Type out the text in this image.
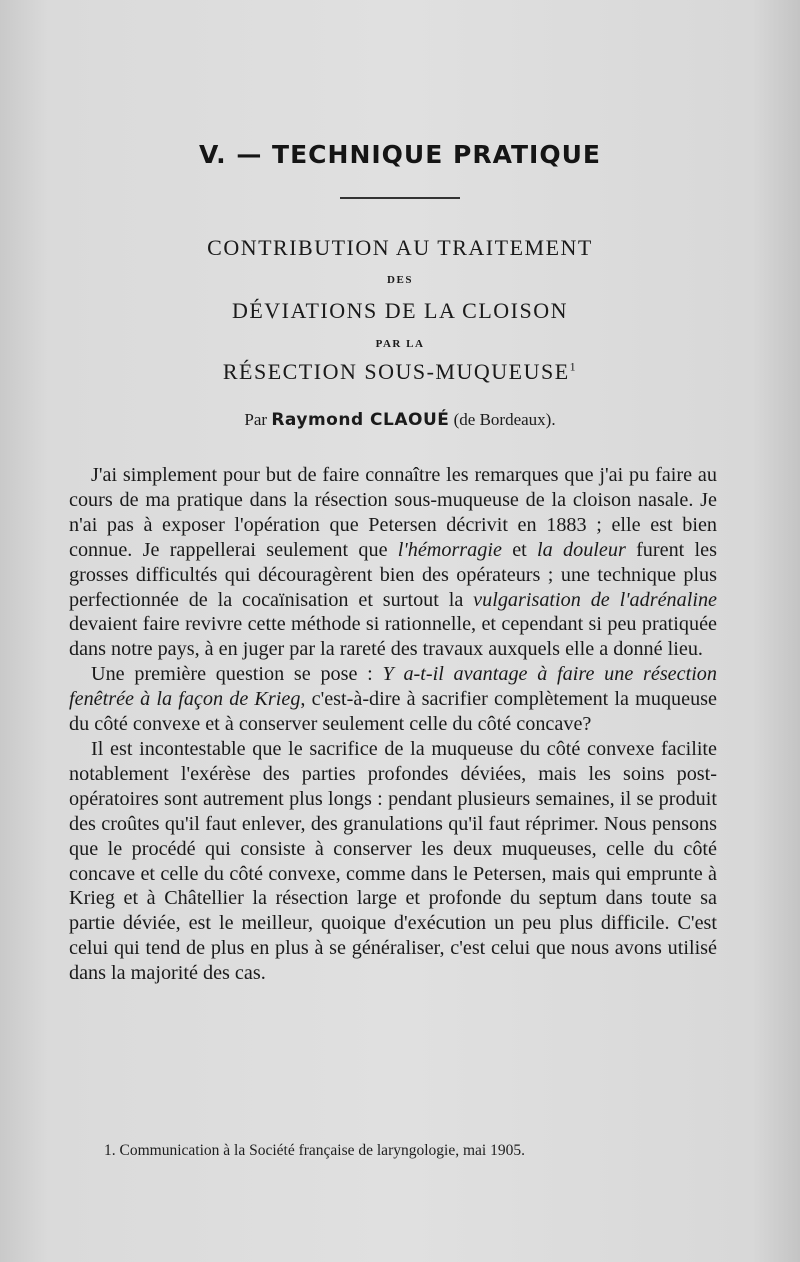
V. — TECHNIQUE PRATIQUE
CONTRIBUTION AU TRAITEMENT
DES
DÉVIATIONS DE LA CLOISON
PAR LA
RÉSECTION SOUS-MUQUEUSE$^1$
Par Raymond CLAOUÉ (de Bordeaux).

J'ai simplement pour but de faire connaître les remarques que j'ai pu faire au cours de ma pratique dans la résection sous-muqueuse de la cloison nasale. Je n'ai pas à exposer l'opération que Petersen décrivit en 1883 ; elle est bien connue. Je rappellerai seulement que l'hémorragie et la douleur furent les grosses difficultés qui découragèrent bien des opérateurs ; une technique plus perfectionnée de la cocaïnisation et surtout la vulgarisation de l'adrénaline devaient faire revivre cette méthode si rationnelle, et cependant si peu pratiquée dans notre pays, à en juger par la rareté des travaux auxquels elle a donné lieu.

Une première question se pose : Y a-t-il avantage à faire une résection fenêtrée à la façon de Krieg, c'est-à-dire à sacrifier complètement la muqueuse du côté convexe et à conserver seulement celle du côté concave?

Il est incontestable que le sacrifice de la muqueuse du côté convexe facilite notablement l'exérèse des parties profondes déviées, mais les soins post-opératoires sont autrement plus longs : pendant plusieurs semaines, il se produit des croûtes qu'il faut enlever, des granulations qu'il faut réprimer. Nous pensons que le procédé qui consiste à conserver les deux muqueuses, celle du côté concave et celle du côté convexe, comme dans le Petersen, mais qui emprunte à Krieg et à Châtellier la résection large et profonde du septum dans toute sa partie déviée, est le meilleur, quoique d'exécution un peu plus difficile. C'est celui qui tend de plus en plus à se généraliser, c'est celui que nous avons utilisé dans la majorité des cas.

1. Communication à la Société française de laryngologie, mai 1905.
